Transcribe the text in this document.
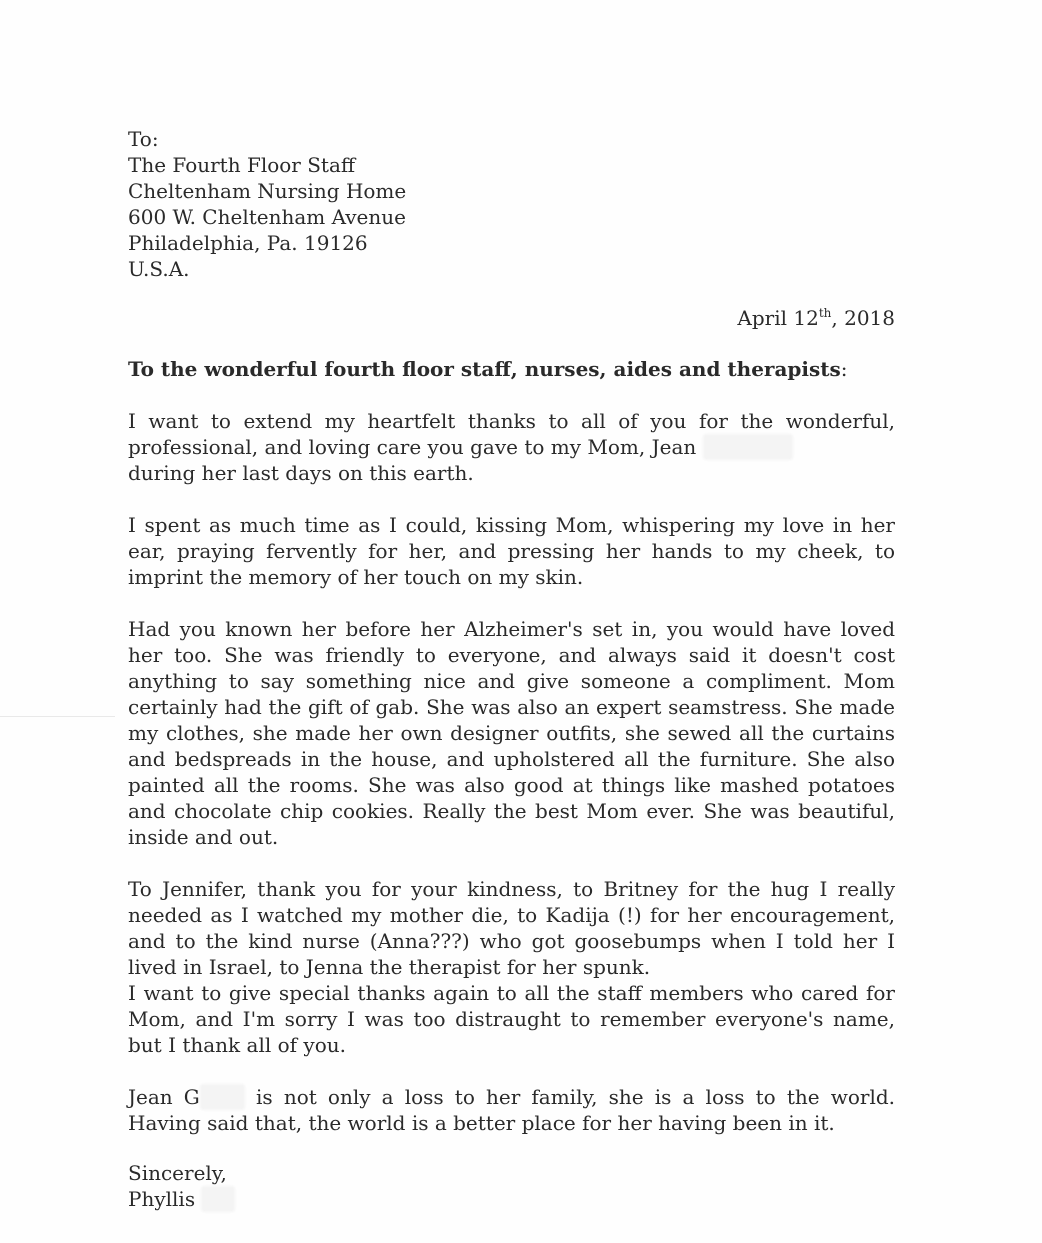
To:
The Fourth Floor Staff
Cheltenham Nursing Home
600 W. Cheltenham Avenue
Philadelphia, Pa. 19126
U.S.A.
April 12th, 2018
To the wonderful fourth floor staff, nurses, aides and therapists:
I want to extend my heartfelt thanks to all of you for the wonderful, professional, and loving care you gave to my Mom, Jean
during her last days on this earth.
I spent as much time as I could, kissing Mom, whispering my love in her ear, praying fervently for her, and pressing her hands to my cheek, to imprint the memory of her touch on my skin.
Had you known her before her Alzheimer's set in, you would have loved her too. She was friendly to everyone, and always said it doesn't cost anything to say something nice and give someone a compliment. Mom certainly had the gift of gab. She was also an expert seamstress. She made my clothes, she made her own designer outfits, she sewed all the curtains and bedspreads in the house, and upholstered all the furniture. She also painted all the rooms. She was also good at things like mashed potatoes and chocolate chip cookies. Really the best Mom ever. She was beautiful, inside and out.
To Jennifer, thank you for your kindness, to Britney for the hug I really needed as I watched my mother die, to Kadija (!) for her encouragement, and to the kind nurse (Anna???) who got goosebumps when I told her I lived in Israel, to Jenna the therapist for her spunk.
I want to give special thanks again to all the staff members who cared for Mom, and I'm sorry I was too distraught to remember everyone's name, but I thank all of you.
Jean G	is not only a loss to her family, she is a loss to the world. Having said that, the world is a better place for her having been in it.
Sincerely,
Phyllis
